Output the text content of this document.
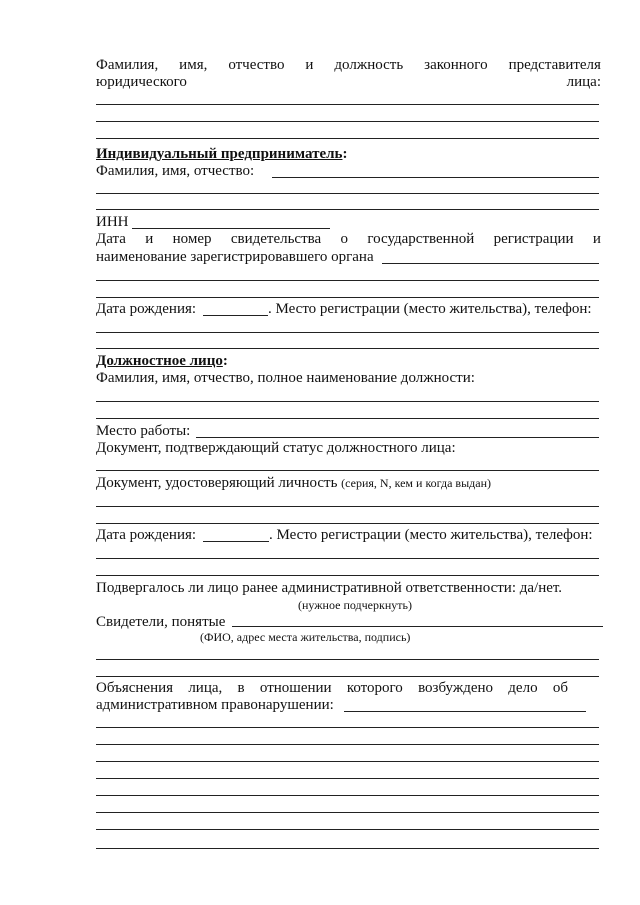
Фамилия, имя, отчество и должность законного представителя
юридического	лица:
Индивидуальный предприниматель:
Фамилия, имя, отчество:
ИНН
Дата и номер свидетельства о государственной регистрации и
наименование зарегистрировавшего органа
Дата рождения:	. Место регистрации (место жительства), телефон:
Должностное лицо:
Фамилия, имя, отчество, полное наименование должности:
Место работы:
Документ, подтверждающий статус должностного лица:
Документ, удостоверяющий личность (серия, N, кем и когда выдан)
Дата рождения:	. Место регистрации (место жительства), телефон:
Подвергалось ли лицо ранее административной ответственности: да/нет.
(нужное подчеркнуть)
Свидетели, понятые
(ФИО, адрес места жительства, подпись)
Объяснения лица, в отношении которого возбуждено дело об
административном правонарушении:
